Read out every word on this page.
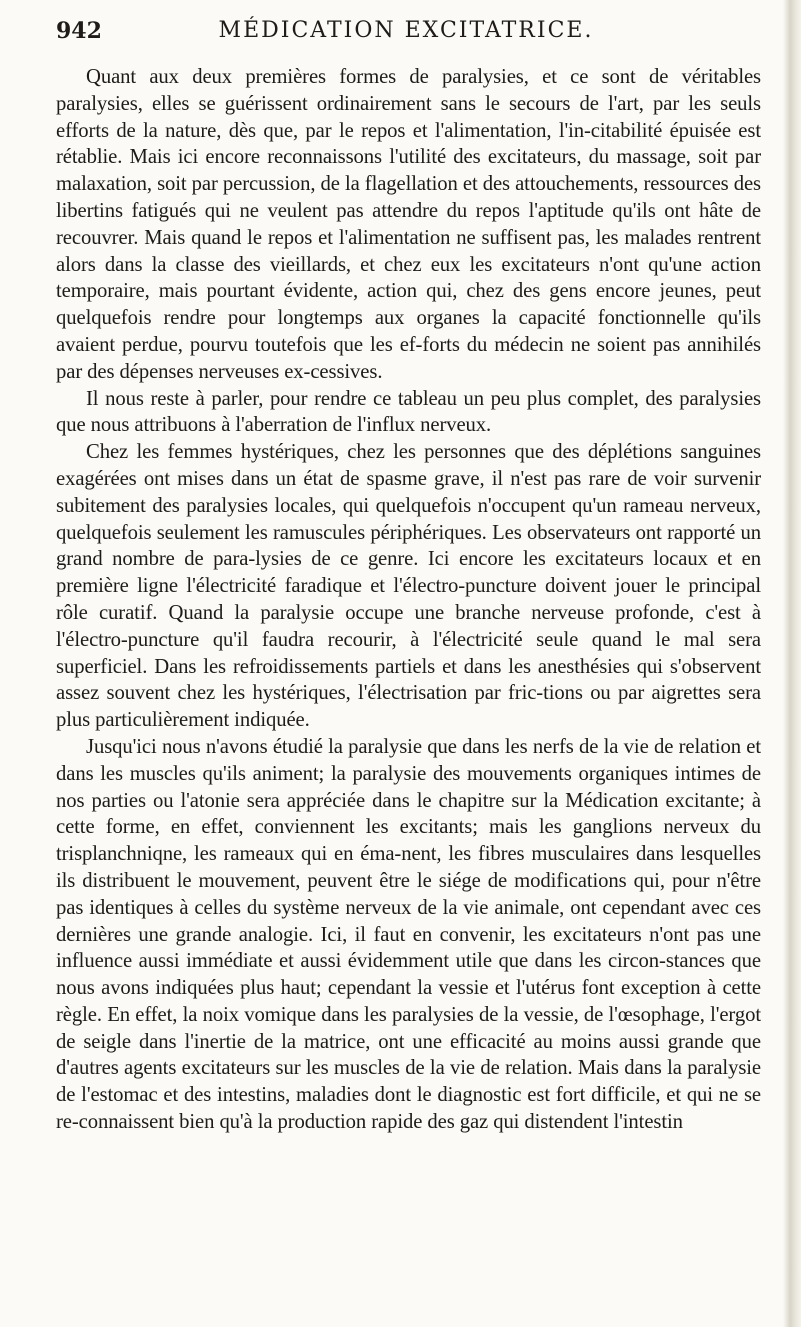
MÉDICATION EXCITATRICE.
942

Quant aux deux premières formes de paralysies, et ce sont de véritables paralysies, elles se guérissent ordinairement sans le secours de l'art, par les seuls efforts de la nature, dès que, par le repos et l'alimentation, l'in-citabilité épuisée est rétablie. Mais ici encore reconnaissons l'utilité des excitateurs, du massage, soit par malaxation, soit par percussion, de la flagellation et des attouchements, ressources des libertins fatigués qui ne veulent pas attendre du repos l'aptitude qu'ils ont hâte de recouvrer. Mais quand le repos et l'alimentation ne suffisent pas, les malades rentrent alors dans la classe des vieillards, et chez eux les excitateurs n'ont qu'une action temporaire, mais pourtant évidente, action qui, chez des gens encore jeunes, peut quelquefois rendre pour longtemps aux organes la capacité fonctionnelle qu'ils avaient perdue, pourvu toutefois que les ef-forts du médecin ne soient pas annihilés par des dépenses nerveuses ex-cessives.

Il nous reste à parler, pour rendre ce tableau un peu plus complet, des paralysies que nous attribuons à l'aberration de l'influx nerveux.

Chez les femmes hystériques, chez les personnes que des déplétions sanguines exagérées ont mises dans un état de spasme grave, il n'est pas rare de voir survenir subitement des paralysies locales, qui quelquefois n'occupent qu'un rameau nerveux, quelquefois seulement les ramuscules périphériques. Les observateurs ont rapporté un grand nombre de para-lysies de ce genre. Ici encore les excitateurs locaux et en première ligne l'électricité faradique et l'électro-puncture doivent jouer le principal rôle curatif. Quand la paralysie occupe une branche nerveuse profonde, c'est à l'électro-puncture qu'il faudra recourir, à l'électricité seule quand le mal sera superficiel. Dans les refroidissements partiels et dans les anesthésies qui s'observent assez souvent chez les hystériques, l'électrisation par fric-tions ou par aigrettes sera plus particulièrement indiquée.

Jusqu'ici nous n'avons étudié la paralysie que dans les nerfs de la vie de relation et dans les muscles qu'ils animent; la paralysie des mouvements organiques intimes de nos parties ou l'atonie sera appréciée dans le chapitre sur la Médication excitante; à cette forme, en effet, conviennent les excitants; mais les ganglions nerveux du trisplanchniqne, les rameaux qui en éma-nent, les fibres musculaires dans lesquelles ils distribuent le mouvement, peuvent être le siége de modifications qui, pour n'être pas identiques à celles du système nerveux de la vie animale, ont cependant avec ces dernières une grande analogie. Ici, il faut en convenir, les excitateurs n'ont pas une influence aussi immédiate et aussi évidemment utile que dans les circon-stances que nous avons indiquées plus haut; cependant la vessie et l'utérus font exception à cette règle. En effet, la noix vomique dans les paralysies de la vessie, de l'œsophage, l'ergot de seigle dans l'inertie de la matrice, ont une efficacité au moins aussi grande que d'autres agents excitateurs sur les muscles de la vie de relation. Mais dans la paralysie de l'estomac et des intestins, maladies dont le diagnostic est fort difficile, et qui ne se re-connaissent bien qu'à la production rapide des gaz qui distendent l'intestin
